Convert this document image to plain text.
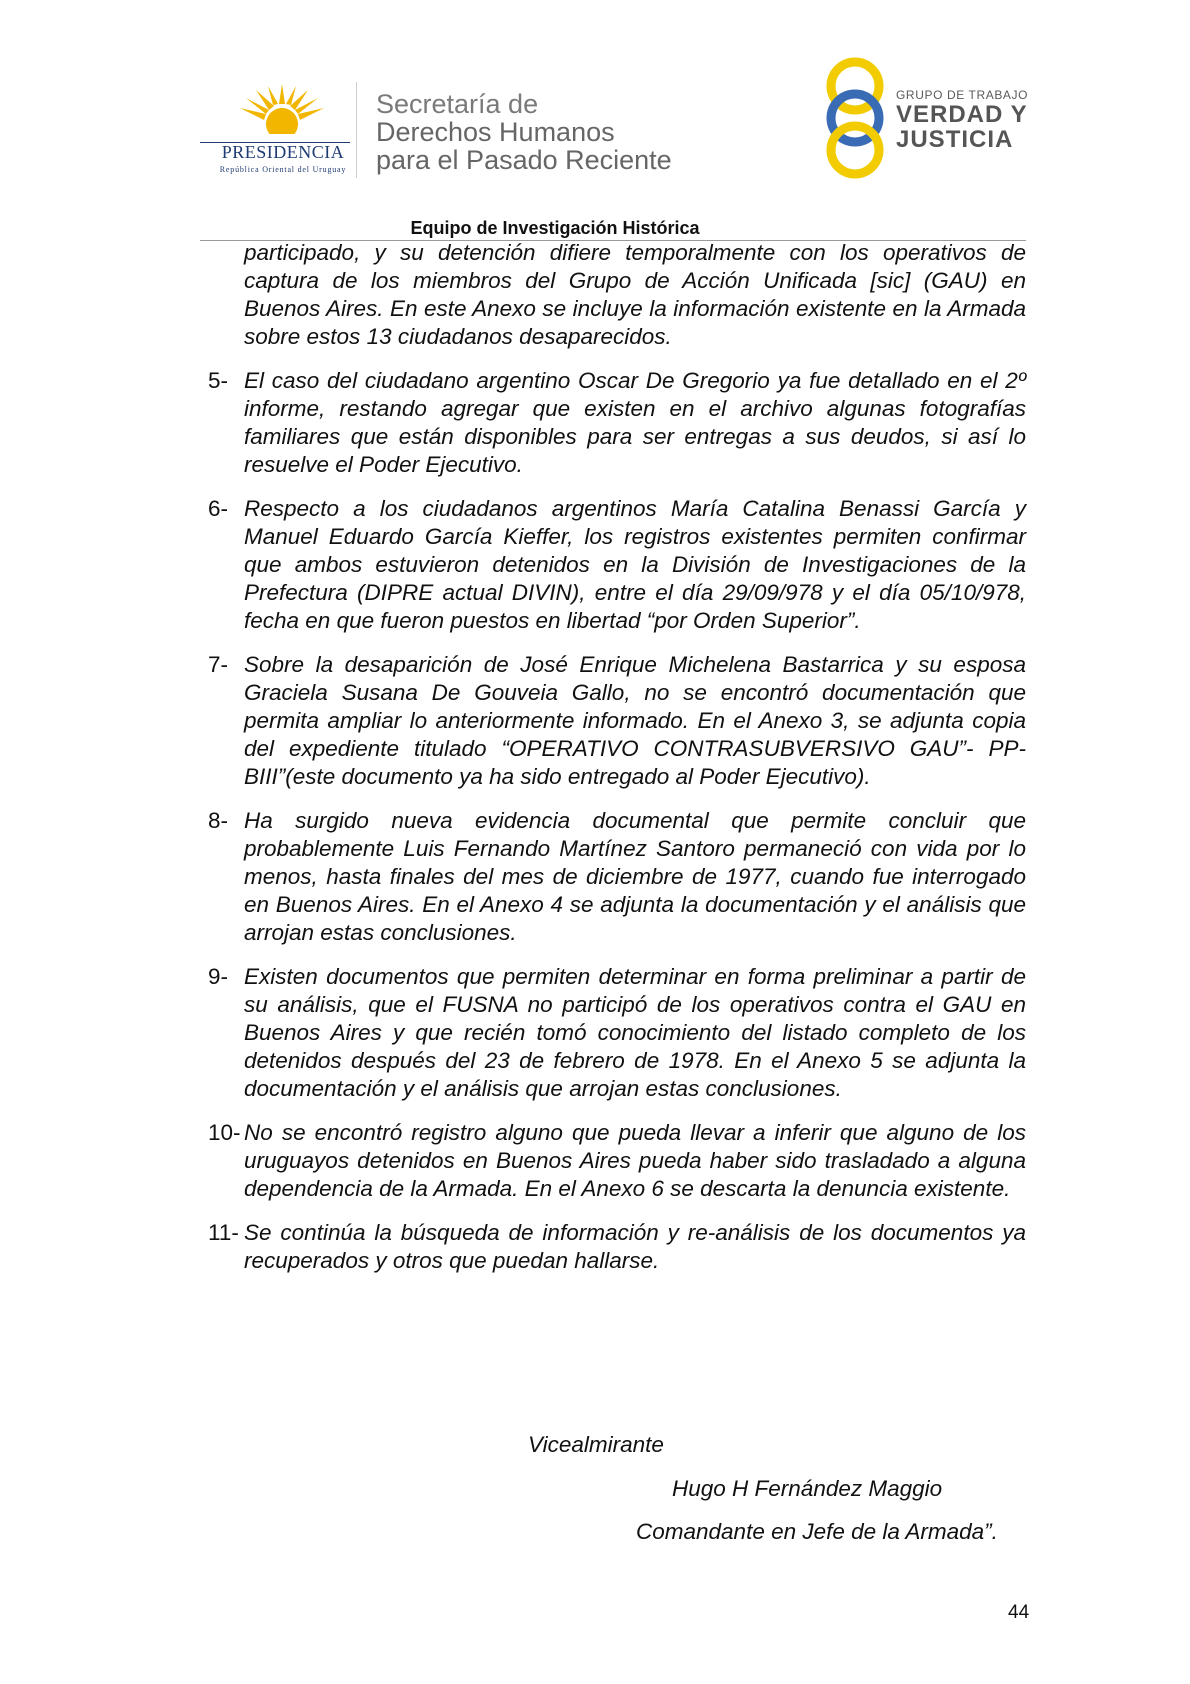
PRESIDENCIA
República Oriental del Uruguay
Secretaría de
Derechos Humanos
para el Pasado Reciente
GRUPO DE TRABAJO
VERDAD Y
JUSTICIA
Equipo de Investigación Histórica
participado, y su detención difiere temporalmente con los operativos de captura de los miembros del Grupo de Acción Unificada [sic] (GAU) en Buenos Aires. En este Anexo se incluye la información existente en la Armada sobre estos 13 ciudadanos desaparecidos.
5- El caso del ciudadano argentino Oscar De Gregorio ya fue detallado en el 2º informe, restando agregar que existen en el archivo algunas fotografías familiares que están disponibles para ser entregas a sus deudos, si así lo resuelve el Poder Ejecutivo.
6- Respecto a los ciudadanos argentinos María Catalina Benassi García y Manuel Eduardo García Kieffer, los registros existentes permiten confirmar que ambos estuvieron detenidos en la División de Investigaciones de la Prefectura (DIPRE actual DIVIN), entre el día 29/09/978 y el día 05/10/978, fecha en que fueron puestos en libertad “por Orden Superior”.
7- Sobre la desaparición de José Enrique Michelena Bastarrica y su esposa Graciela Susana De Gouveia Gallo, no se encontró documentación que permita ampliar lo anteriormente informado. En el Anexo 3, se adjunta copia del expediente titulado “OPERATIVO CONTRASUBVERSIVO GAU”- PP-BIII”(este documento ya ha sido entregado al Poder Ejecutivo).
8- Ha surgido nueva evidencia documental que permite concluir que probablemente Luis Fernando Martínez Santoro permaneció con vida por lo menos, hasta finales del mes de diciembre de 1977, cuando fue interrogado en Buenos Aires. En el Anexo 4 se adjunta la documentación y el análisis que arrojan estas conclusiones.
9- Existen documentos que permiten determinar en forma preliminar a partir de su análisis, que el FUSNA no participó de los operativos contra el GAU en Buenos Aires y que recién tomó conocimiento del listado completo de los detenidos después del 23 de febrero de 1978. En el Anexo 5 se adjunta la documentación y el análisis que arrojan estas conclusiones.
10- No se encontró registro alguno que pueda llevar a inferir que alguno de los uruguayos detenidos en Buenos Aires pueda haber sido trasladado a alguna dependencia de la Armada. En el Anexo 6 se descarta la denuncia existente.
11- Se continúa la búsqueda de información y re-análisis de los documentos ya recuperados y otros que puedan hallarse.
Vicealmirante
Hugo H Fernández Maggio
Comandante en Jefe de la Armada”.
44
